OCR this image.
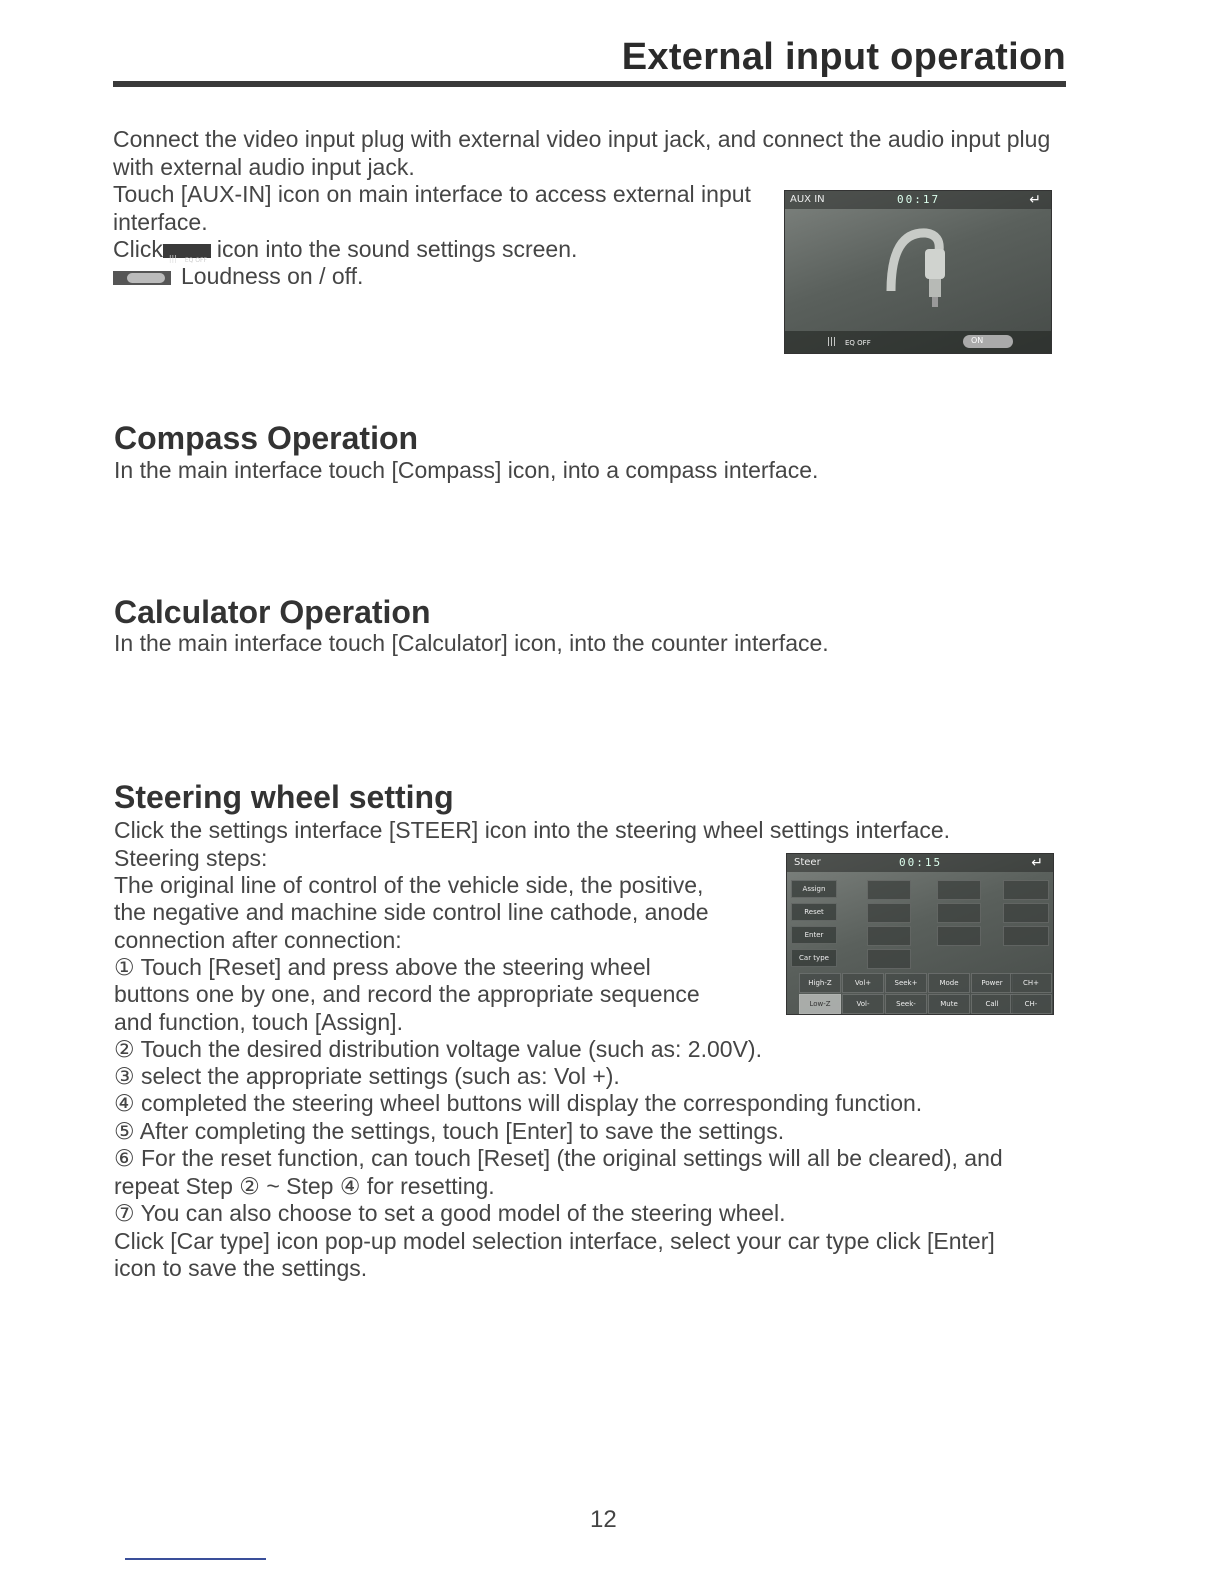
External input operation
Connect the video input plug with external video input jack, and connect the audio input plug with external audio input jack.
Touch [AUX-IN] icon on main interface to access external input interface.
Click ||| EQ OFF icon into the sound settings screen.
Loudness on / off.
AUX IN	00:17	↵
||| EQ OFF	ON
Compass Operation
In the main interface touch [Compass] icon, into a compass interface.
Calculator Operation
In the main interface touch [Calculator] icon, into the counter interface.
Steering wheel setting
Click the settings interface [STEER] icon into the steering wheel settings interface.
Steering steps:
The original line of control of the vehicle side, the positive,
the negative and machine side control line cathode, anode
connection after connection:
① Touch [Reset] and press above the steering wheel
buttons one by one, and record the appropriate sequence
and function, touch [Assign].
② Touch the desired distribution voltage value (such as: 2.00V).
③ select the appropriate settings (such as: Vol +).
④ completed the steering wheel buttons will display the corresponding function.
⑤ After completing the settings, touch [Enter] to save the settings.
⑥ For the reset function, can touch [Reset] (the original settings will all be cleared), and
repeat Step ② ~ Step ④ for resetting.
⑦ You can also choose to set a good model of the steering wheel.
Click [Car type] icon pop-up model selection interface, select your car type click [Enter]
icon to save the settings.
Steer	00:15	↵
Assign
Reset
Enter
Car type
High-Z	Vol+	Seek+	Mode	Power	CH+
Low-Z	Vol-	Seek-	Mute	Call	CH-
12
